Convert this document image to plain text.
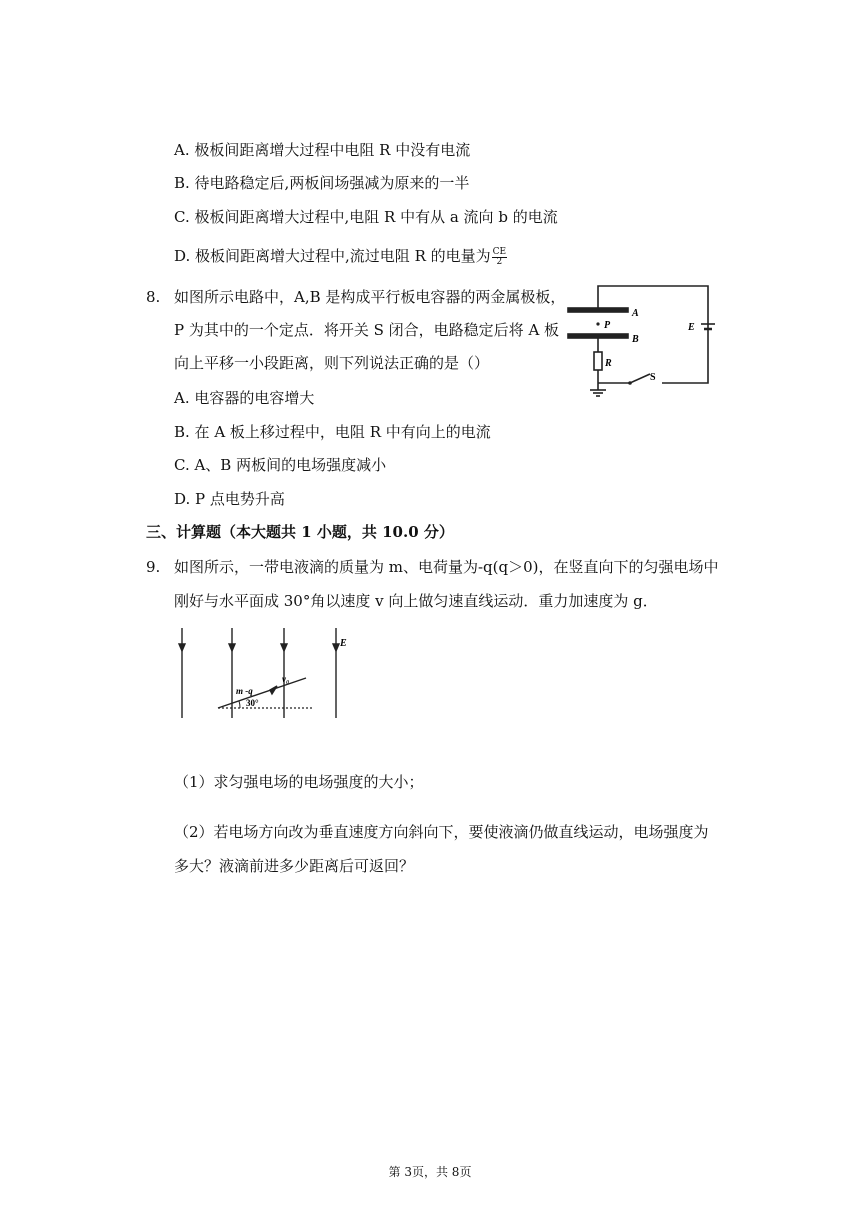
A. 极板间距离增大过程中电阻 R 中没有电流
B. 待电路稳定后,两板间场强减为原来的一半
C. 极板间距离增大过程中,电阻 R 中有从 a 流向 b 的电流
D. 极板间距离增大过程中,流过电阻 R 的电量为 $\frac{CE}{2}$
8. 如图所示电路中，A,B 是构成平行板电容器的两金属极板，
P 为其中的一个定点．将开关 S 闭合，电路稳定后将 A 板
向上平移一小段距离，则下列说法正确的是（）
A. 电容器的电容增大
B. 在 A 板上移过程中，电阻 R 中有向上的电流
C. A、B 两板间的电场强度减小
D. P 点电势升高
A
P
B
R
E
S
三、计算题（本大题共 1 小题，共 10.0 分）
9. 如图所示，一带电液滴的质量为 m、电荷量为-q(q＞0)，在竖直向下的匀强电场中
刚好与水平面成 30°角以速度 v 向上做匀速直线运动．重力加速度为 g．
E
m -q
v₀
30°
（1）求匀强电场的电场强度的大小；
（2）若电场方向改为垂直速度方向斜向下，要使液滴仍做直线运动，电场强度为
多大？液滴前进多少距离后可返回？
第 3页，共 8页
